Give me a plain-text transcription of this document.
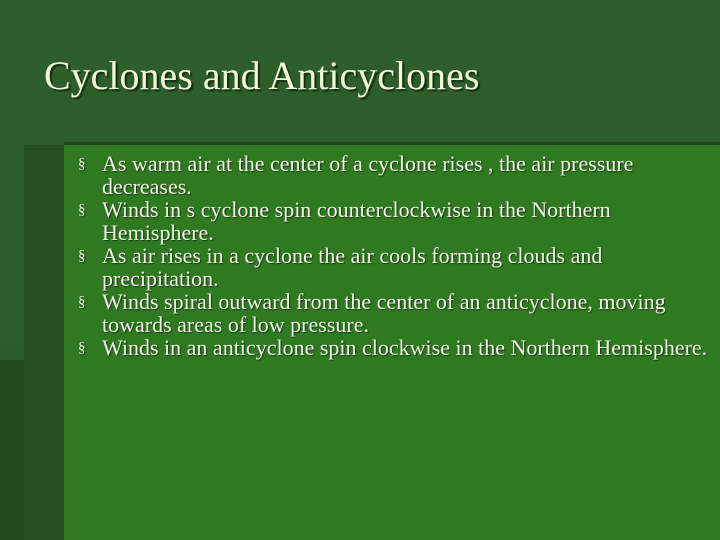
Cyclones and Anticyclones
§ As warm air at the center of a cyclone rises , the air pressure decreases.
§ Winds in s cyclone spin counterclockwise in the Northern Hemisphere.
§ As air rises in a cyclone the air cools forming clouds and precipitation.
§ Winds spiral outward from the center of an anticyclone, moving towards areas of low pressure.
§ Winds in an anticyclone spin clockwise in the Northern Hemisphere.
